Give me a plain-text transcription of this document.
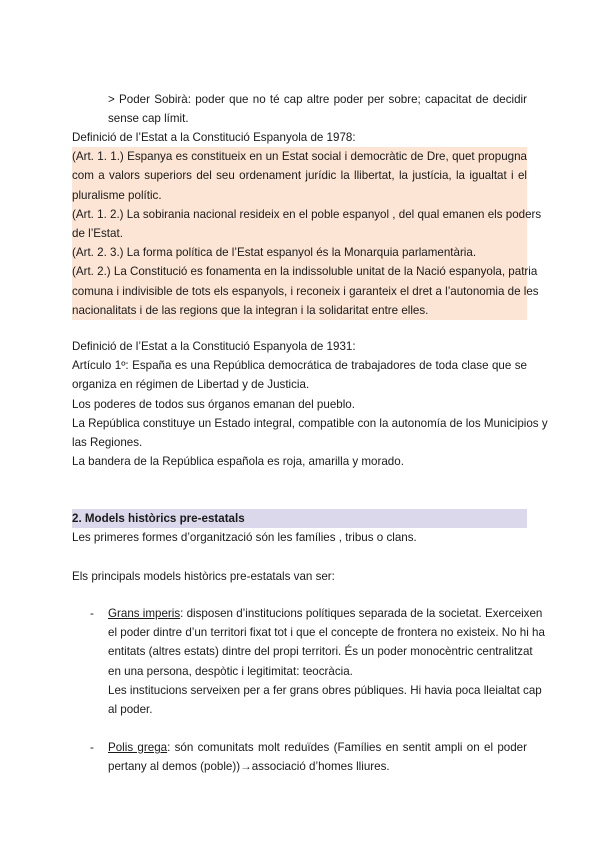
> Poder Sobirà: poder que no té cap altre poder per sobre; capacitat de decidir
sense cap límit.
Definició de l’Estat a la Constitució Espanyola de 1978:
(Art. 1. 1.) Espanya es constitueix en un Estat social i democràtic de Dre, quet propugna
com a valors superiors del seu ordenament jurídic la llibertat, la justícia, la igualtat i el
pluralisme polític.
(Art. 1. 2.) La sobirania nacional resideix en el poble espanyol , del qual emanen els poders
de l’Estat.
(Art. 2. 3.) La forma política de l’Estat espanyol és la Monarquia parlamentària.
(Art. 2.) La Constitució es fonamenta en la indissoluble unitat de la Nació espanyola, patria
comuna i indivisible de tots els espanyols, i reconeix i garanteix el dret a l’autonomia de les
nacionalitats i de las regions que la integran i la solidaritat entre elles.
Definició de l’Estat a la Constitució Espanyola de 1931:
Artículo 1º: España es una República democrática de trabajadores de toda clase que se
organiza en régimen de Libertad y de Justicia.
Los poderes de todos sus órganos emanan del pueblo.
La República constituye un Estado integral, compatible con la autonomía de los Municipios y
las Regiones.
La bandera de la República española es roja, amarilla y morado.
2. Models històrics pre-estatals
Les primeres formes d’organització són les famílies , tribus o clans.
Els principals models històrics pre-estatals van ser:
- Grans imperis: disposen d’institucions polítiques separada de la societat. Exerceixen
el poder dintre d’un territori fixat tot i que el concepte de frontera no existeix. No hi ha
entitats (altres estats) dintre del propi territori. És un poder monocèntric centralitzat
en una persona, despòtic i legitimitat: teocràcia.
Les institucions serveixen per a fer grans obres públiques. Hi havia poca lleialtat cap
al poder.
- Polis grega: són comunitats molt reduïdes (Famílies en sentit ampli on el poder
pertany al demos (poble))→associació d’homes lliures.
